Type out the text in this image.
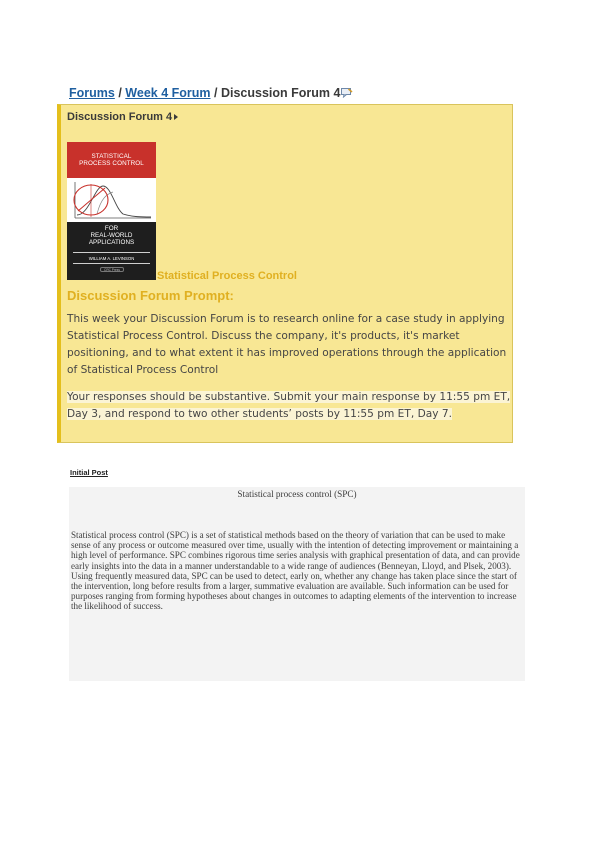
Forums / Week 4 Forum / Discussion Forum 4
Discussion Forum 4
STATISTICAL
PROCESS CONTROL
FOR
REAL-WORLD
APPLICATIONS
WILLIAM A. LEVINSON
CRC Press	Statistical Process Control
Discussion Forum Prompt:
This week your Discussion Forum is to research online for a case study in applying Statistical Process Control. Discuss the company, it's products, it's market positioning, and to what extent it has improved operations through the application of Statistical Process Control
Your responses should be substantive. Submit your main response by 11:55 pm ET, Day 3, and respond to two other students’ posts by 11:55 pm ET, Day 7.
Initial Post
Statistical process control (SPC)
Statistical process control (SPC) is a set of statistical methods based on the theory of variation that can be used to make sense of any process or outcome measured over time, usually with the intention of detecting improvement or maintaining a high level of performance. SPC combines rigorous time series analysis with graphical presentation of data, and can provide early insights into the data in a manner understandable to a wide range of audiences (Benneyan, Lloyd, and Plsek, 2003). Using frequently measured data, SPC can be used to detect, early on, whether any change has taken place since the start of the intervention, long before results from a larger, summative evaluation are available. Such information can be used for purposes ranging from forming hypotheses about changes in outcomes to adapting elements of the intervention to increase the likelihood of success.
